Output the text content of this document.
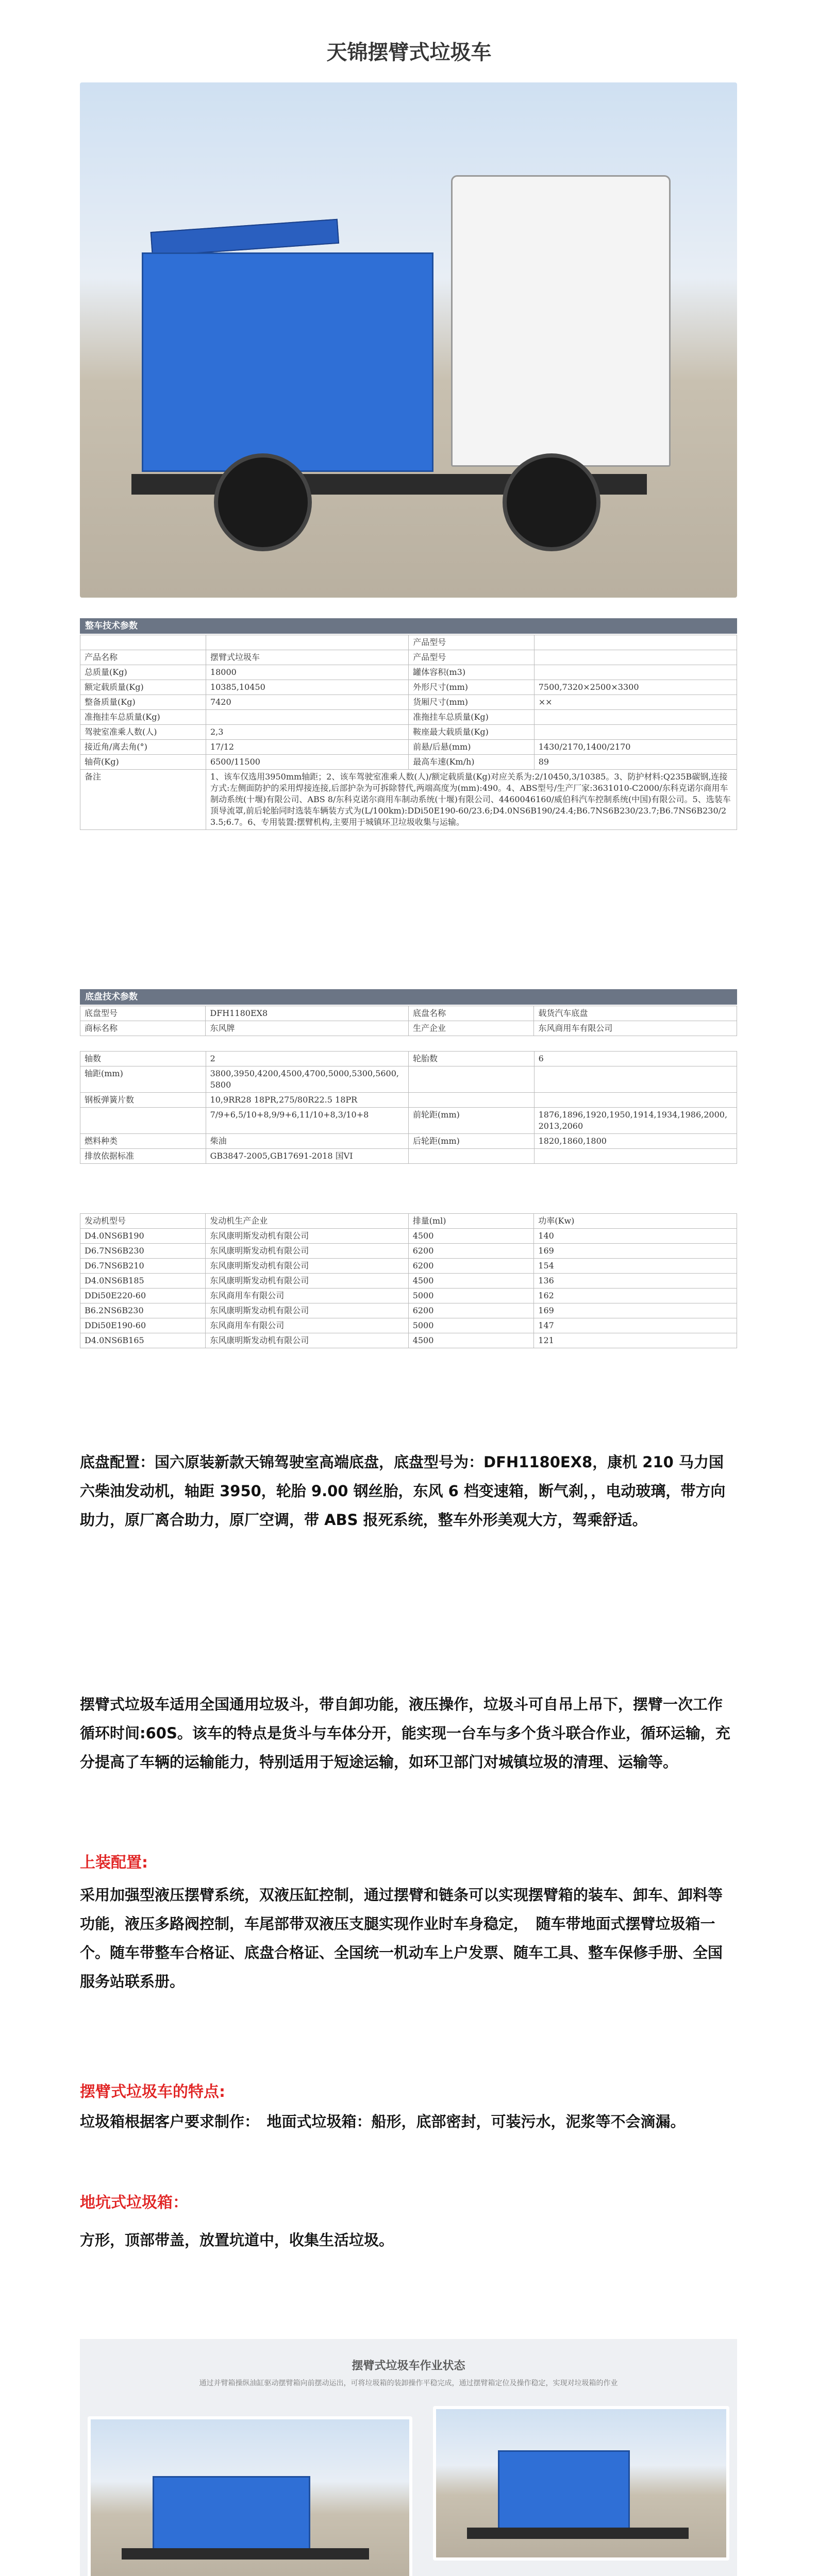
天锦摆臂式垃圾车
整车技术参数
		产品型号	
产品名称	摆臂式垃圾车	产品型号	
总质量(Kg)	18000	罐体容积(m3)	
额定载质量(Kg)	10385,10450	外形尺寸(mm)	7500,7320×2500×3300
整备质量(Kg)	7420	货厢尺寸(mm)	××
准拖挂车总质量(Kg)		准拖挂车总质量(Kg)	
驾驶室准乘人数(人)	2,3	鞍座最大载质量(Kg)	
接近角/离去角(°)	17/12	前悬/后悬(mm)	1430/2170,1400/2170
轴荷(Kg)	6500/11500	最高车速(Km/h)	89
备注	1、该车仅选用3950mm轴距；2、该车驾驶室准乘人数(人)/额定载质量(Kg)对应关系为:2/10450,3/10385。3、防护材料:Q235B碳钢,连接方式:左侧面防护的采用焊接连接,后部护杂为可拆除替代,两端高度为(mm):490。4、ABS型号/生产厂家:3631010-C2000/东科克诺尔商用车制动系统(十堰)有限公司、ABS 8/东科克诺尔商用车制动系统(十堰)有限公司、4460046160/威伯科汽车控制系统(中国)有限公司。5、选装车顶导流罩,前后轮胎同时选装车辆装方式为(L/100km):DDi50E190-60/23.6;D4.0NS6B190/24.4;B6.7NS6B230/23.7;B6.7NS6B230/23.5;6.7。6、专用装置:摆臂机构,主要用于城镇环卫垃圾收集与运输。		
底盘技术参数
底盘型号	DFH1180EX8	底盘名称	载货汽车底盘
商标名称	东风牌	生产企业	东风商用车有限公司
轴数	2	轮胎数	6
轴距(mm)	3800,3950,4200,4500,4700,5000,5300,5600,5800		
钢板弹簧片数	10,9RR28 18PR,275/80R22.5 18PR		
	7/9+6,5/10+8,9/9+6,11/10+8,3/10+8	前轮距(mm)	1876,1896,1920,1950,1914,1934,1986,2000,2013,2060
燃料种类	柴油	后轮距(mm)	1820,1860,1800
排放依据标准	GB3847-2005,GB17691-2018 国VI		
发动机型号	发动机生产企业	排量(ml)	功率(Kw)
D4.0NS6B190	东风康明斯发动机有限公司	4500	140
D6.7NS6B230	东风康明斯发动机有限公司	6200	169
D6.7NS6B210	东风康明斯发动机有限公司	6200	154
D4.0NS6B185	东风康明斯发动机有限公司	4500	136
DDi50E220-60	东风商用车有限公司	5000	162
B6.2NS6B230	东风康明斯发动机有限公司	6200	169
DDi50E190-60	东风商用车有限公司	5000	147
D4.0NS6B165	东风康明斯发动机有限公司	4500	121

底盘配置：国六原装新款天锦驾驶室高端底盘，底盘型号为：DFH1180EX8，康机 210 马力国六柴油发动机，轴距 3950，轮胎 9.00 钢丝胎，东风 6 档变速箱，断气刹，，电动玻璃，带方向助力，原厂离合助力，原厂空调，带 ABS 报死系统，整车外形美观大方，驾乘舒适。

摆臂式垃圾车适用全国通用垃圾斗，带自卸功能，液压操作，垃圾斗可自吊上吊下，摆臂一次工作循环时间:60S。该车的特点是货斗与车体分开，能实现一台车与多个货斗联合作业，循环运输，充分提高了车辆的运输能力，特别适用于短途运输，如环卫部门对城镇垃圾的清理、运输等。

上装配置:

采用加强型液压摆臂系统，双液压缸控制，通过摆臂和链条可以实现摆臂箱的装车、卸车、卸料等功能，液压多路阀控制，车尾部带双液压支腿实现作业时车身稳定，　随车带地面式摆臂垃圾箱一个。随车带整车合格证、底盘合格证、全国统一机动车上户发票、随车工具、整车保修手册、全国服务站联系册。

摆臂式垃圾车的特点:

垃圾箱根据客户要求制作：　地面式垃圾箱：船形，底部密封，可装污水，泥浆等不会滴漏。

地坑式垃圾箱：

方形，顶部带盖，放置坑道中，收集生活垃圾。

摆臂式垃圾车作业状态
通过并臂箱操纵油缸驱动摆臂箱向前摆动运出，可将垃圾箱的装卸操作平稳完成，通过摆臂箱定位及操作稳定，实现对垃圾箱的作业
